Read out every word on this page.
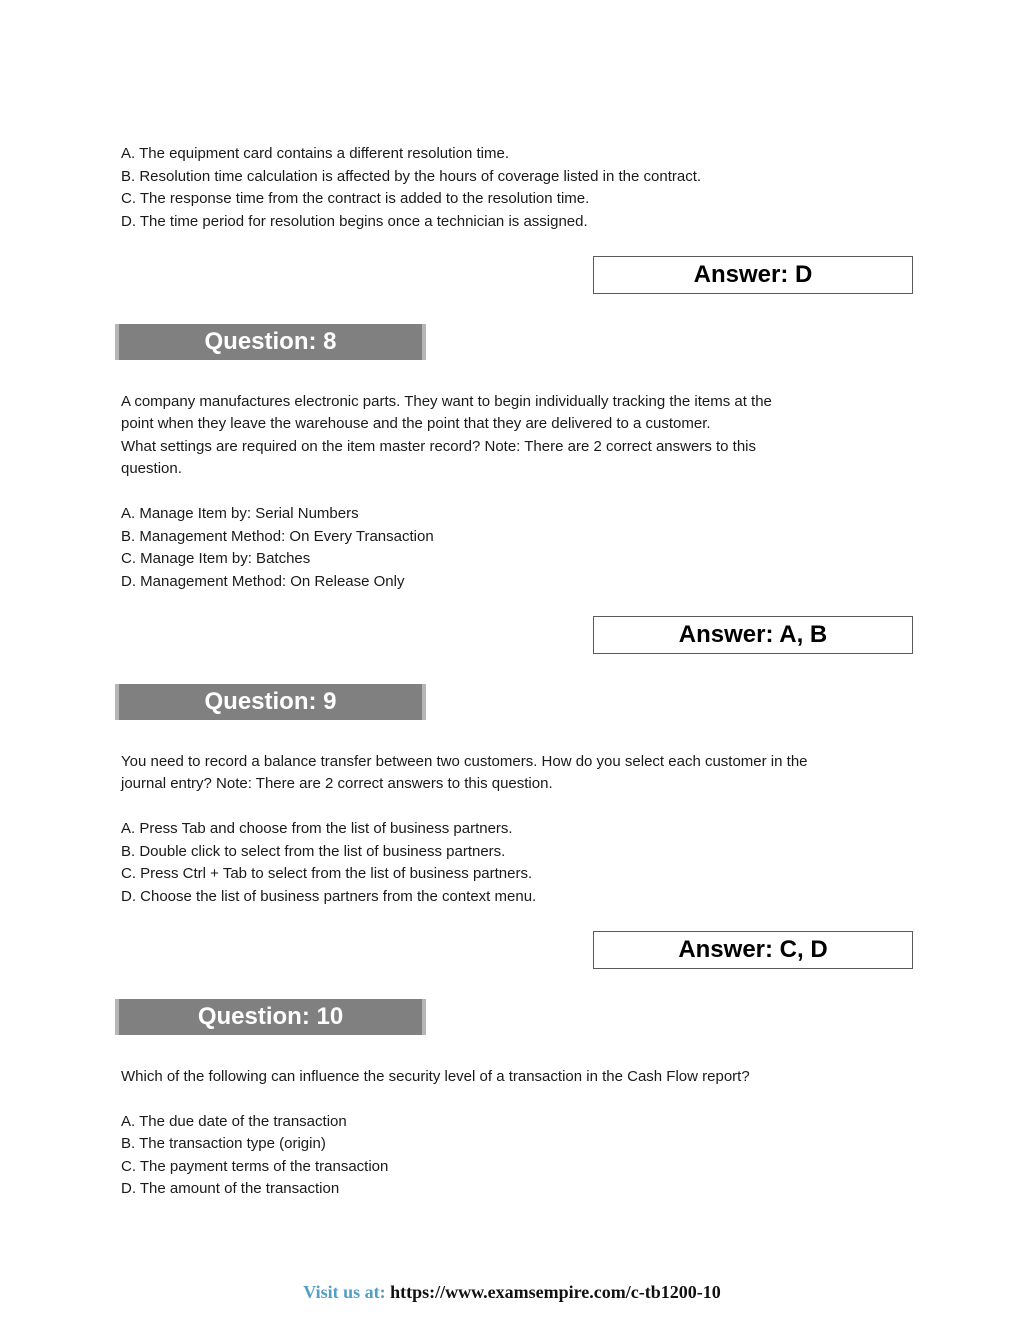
A. The equipment card contains a different resolution time.
B. Resolution time calculation is affected by the hours of coverage listed in the contract.
C. The response time from the contract is added to the resolution time.
D. The time period for resolution begins once a technician is assigned.
Answer: D
Question: 8
A company manufactures electronic parts. They want to begin individually tracking the items at the
point when they leave the warehouse and the point that they are delivered to a customer.
What settings are required on the item master record? Note: There are 2 correct answers to this
question.
A. Manage Item by: Serial Numbers
B. Management Method: On Every Transaction
C. Manage Item by: Batches
D. Management Method: On Release Only
Answer: A, B
Question: 9
You need to record a balance transfer between two customers. How do you select each customer in the
journal entry? Note: There are 2 correct answers to this question.
A. Press Tab and choose from the list of business partners.
B. Double click to select from the list of business partners.
C. Press Ctrl + Tab to select from the list of business partners.
D. Choose the list of business partners from the context menu.
Answer: C, D
Question: 10
Which of the following can influence the security level of a transaction in the Cash Flow report?
A. The due date of the transaction
B. The transaction type (origin)
C. The payment terms of the transaction
D. The amount of the transaction
Visit us at: https://www.examsempire.com/c-tb1200-10
